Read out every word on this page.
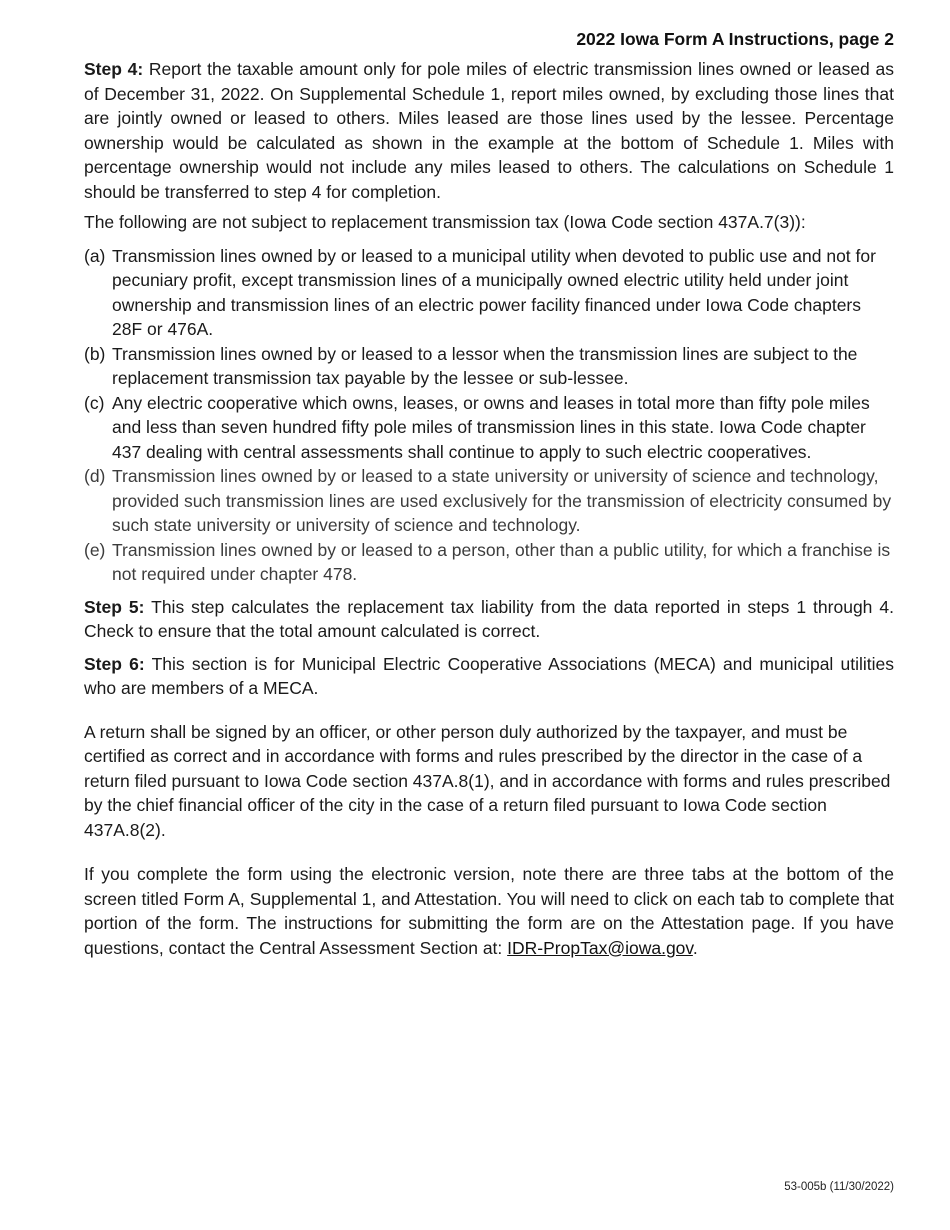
2022 Iowa Form A Instructions, page 2

Step 4: Report the taxable amount only for pole miles of electric transmission lines owned or leased as of December 31, 2022. On Supplemental Schedule 1, report miles owned, by excluding those lines that are jointly owned or leased to others. Miles leased are those lines used by the lessee. Percentage ownership would be calculated as shown in the example at the bottom of Schedule 1. Miles with percentage ownership would not include any miles leased to others. The calculations on Schedule 1 should be transferred to step 4 for completion.

The following are not subject to replacement transmission tax (Iowa Code section 437A.7(3)):

(a) Transmission lines owned by or leased to a municipal utility when devoted to public use and not for pecuniary profit, except transmission lines of a municipally owned electric utility held under joint ownership and transmission lines of an electric power facility financed under Iowa Code chapters 28F or 476A.
(b) Transmission lines owned by or leased to a lessor when the transmission lines are subject to the replacement transmission tax payable by the lessee or sub-lessee.
(c) Any electric cooperative which owns, leases, or owns and leases in total more than fifty pole miles and less than seven hundred fifty pole miles of transmission lines in this state. Iowa Code chapter 437 dealing with central assessments shall continue to apply to such electric cooperatives.
(d) Transmission lines owned by or leased to a state university or university of science and technology, provided such transmission lines are used exclusively for the transmission of electricity consumed by such state university or university of science and technology.
(e) Transmission lines owned by or leased to a person, other than a public utility, for which a franchise is not required under chapter 478.

Step 5: This step calculates the replacement tax liability from the data reported in steps 1 through 4. Check to ensure that the total amount calculated is correct.

Step 6: This section is for Municipal Electric Cooperative Associations (MECA) and municipal utilities who are members of a MECA.

A return shall be signed by an officer, or other person duly authorized by the taxpayer, and must be certified as correct and in accordance with forms and rules prescribed by the director in the case of a return filed pursuant to Iowa Code section 437A.8(1), and in accordance with forms and rules prescribed by the chief financial officer of the city in the case of a return filed pursuant to Iowa Code section 437A.8(2).

If you complete the form using the electronic version, note there are three tabs at the bottom of the screen titled Form A, Supplemental 1, and Attestation. You will need to click on each tab to complete that portion of the form. The instructions for submitting the form are on the Attestation page. If you have questions, contact the Central Assessment Section at: IDR-PropTax@iowa.gov.

53-005b (11/30/2022)
